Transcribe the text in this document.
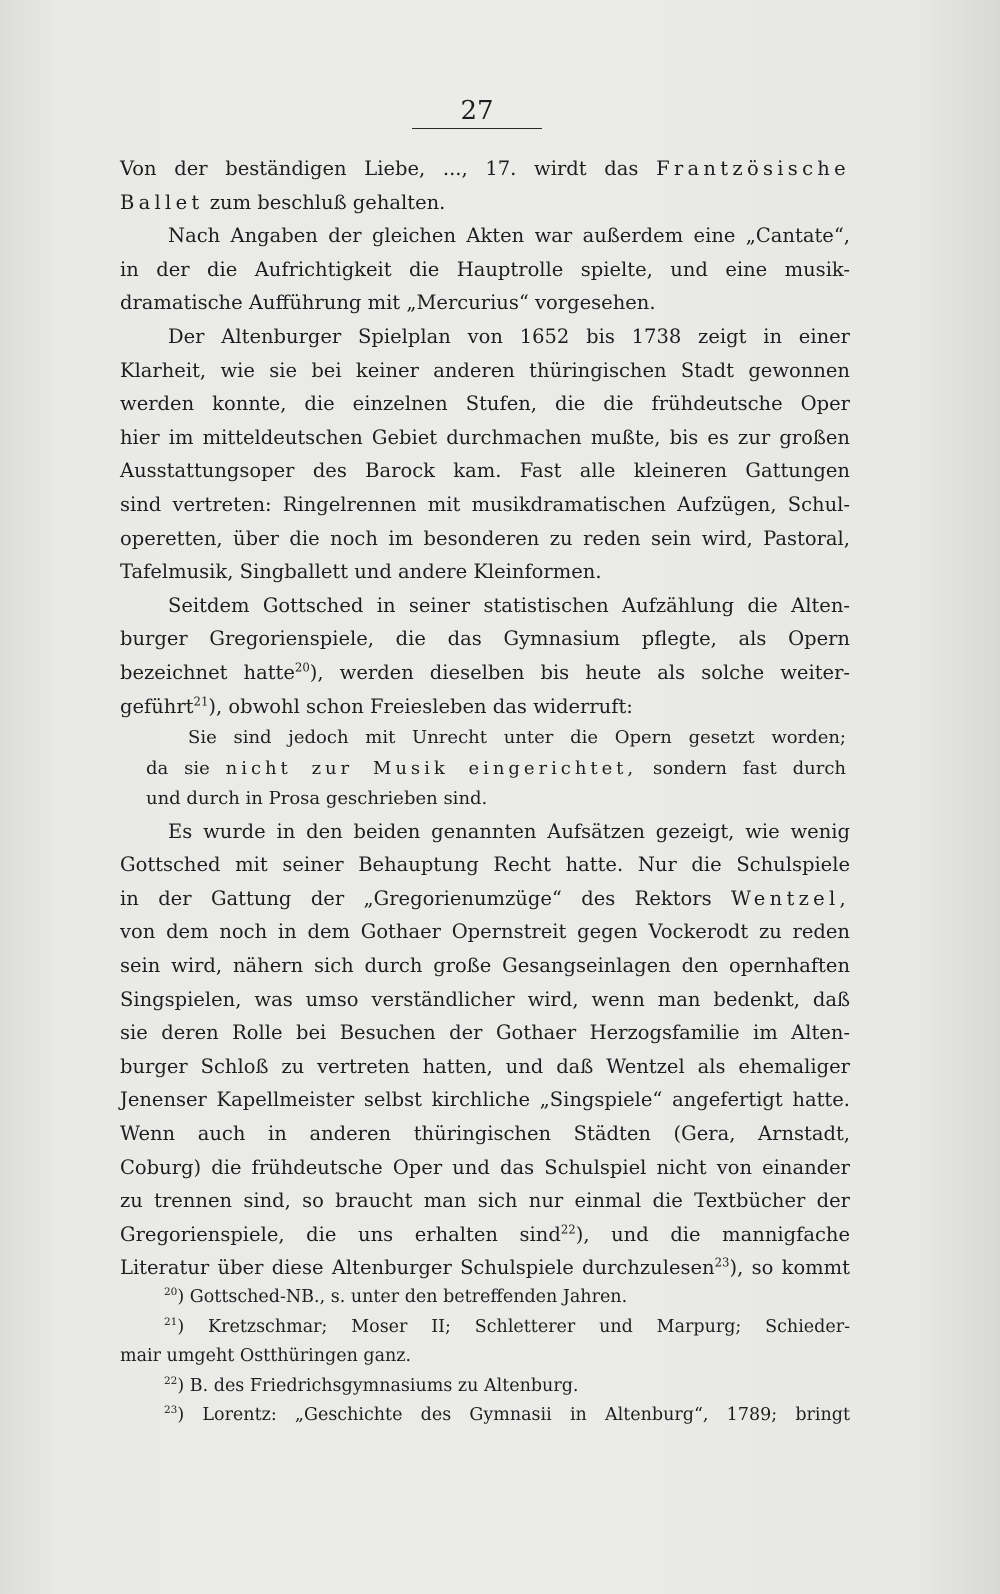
27
Von der beständigen Liebe, ..., 17. wirdt das Frantzösische
Ballet zum beschluß gehalten.
Nach Angaben der gleichen Akten war außerdem eine „Cantate“,
in der die Aufrichtigkeit die Hauptrolle spielte, und eine musik-
dramatische Aufführung mit „Mercurius“ vorgesehen.
Der Altenburger Spielplan von 1652 bis 1738 zeigt in einer
Klarheit, wie sie bei keiner anderen thüringischen Stadt gewonnen
werden konnte, die einzelnen Stufen, die die frühdeutsche Oper
hier im mitteldeutschen Gebiet durchmachen mußte, bis es zur großen
Ausstattungsoper des Barock kam. Fast alle kleineren Gattungen
sind vertreten: Ringelrennen mit musikdramatischen Aufzügen, Schul-
operetten, über die noch im besonderen zu reden sein wird, Pastoral,
Tafelmusik, Singballett und andere Kleinformen.
Seitdem Gottsched in seiner statistischen Aufzählung die Alten-
burger Gregorienspiele, die das Gymnasium pflegte, als Opern
bezeichnet hatte$^{20}$), werden dieselben bis heute als solche weiter-
geführt$^{21}$), obwohl schon Freiesleben das widerruft:
Sie sind jedoch mit Unrecht unter die Opern gesetzt worden;
da sie nicht zur Musik eingerichtet, sondern fast durch
und durch in Prosa geschrieben sind.
Es wurde in den beiden genannten Aufsätzen gezeigt, wie wenig
Gottsched mit seiner Behauptung Recht hatte. Nur die Schulspiele
in der Gattung der „Gregorienumzüge“ des Rektors Wentzel,
von dem noch in dem Gothaer Opernstreit gegen Vockerodt zu reden
sein wird, nähern sich durch große Gesangseinlagen den opernhaften
Singspielen, was umso verständlicher wird, wenn man bedenkt, daß
sie deren Rolle bei Besuchen der Gothaer Herzogsfamilie im Alten-
burger Schloß zu vertreten hatten, und daß Wentzel als ehemaliger
Jenenser Kapellmeister selbst kirchliche „Singspiele“ angefertigt hatte.
Wenn auch in anderen thüringischen Städten (Gera, Arnstadt,
Coburg) die frühdeutsche Oper und das Schulspiel nicht von einander
zu trennen sind, so braucht man sich nur einmal die Textbücher der
Gregorienspiele, die uns erhalten sind$^{22}$), und die mannigfache
Literatur über diese Altenburger Schulspiele durchzulesen$^{23}$), so kommt
$^{20}$) Gottsched-NB., s. unter den betreffenden Jahren.
$^{21}$) Kretzschmar; Moser II; Schletterer und Marpurg; Schieder-
mair umgeht Ostthüringen ganz.
$^{22}$) B. des Friedrichsgymnasiums zu Altenburg.
$^{23}$) Lorentz: „Geschichte des Gymnasii in Altenburg“, 1789; bringt
